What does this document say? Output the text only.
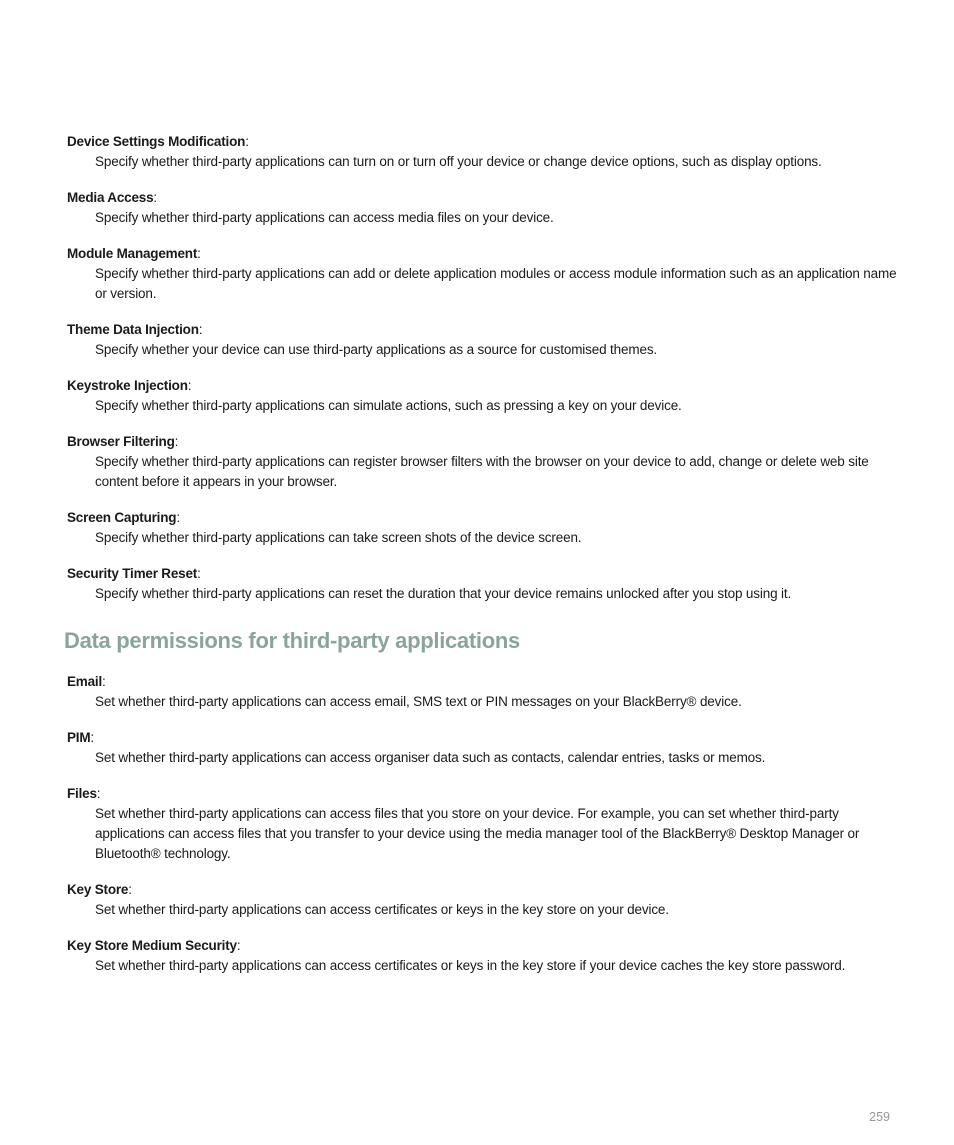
Device Settings Modification:
Specify whether third-party applications can turn on or turn off your device or change device options, such as display options.
Media Access:
Specify whether third-party applications can access media files on your device.
Module Management:
Specify whether third-party applications can add or delete application modules or access module information such as an application name or version.
Theme Data Injection:
Specify whether your device can use third-party applications as a source for customised themes.
Keystroke Injection:
Specify whether third-party applications can simulate actions, such as pressing a key on your device.
Browser Filtering:
Specify whether third-party applications can register browser filters with the browser on your device to add, change or delete web site content before it appears in your browser.
Screen Capturing:
Specify whether third-party applications can take screen shots of the device screen.
Security Timer Reset:
Specify whether third-party applications can reset the duration that your device remains unlocked after you stop using it.
Data permissions for third-party applications
Email:
Set whether third-party applications can access email, SMS text or PIN messages on your BlackBerry® device.
PIM:
Set whether third-party applications can access organiser data such as contacts, calendar entries, tasks or memos.
Files:
Set whether third-party applications can access files that you store on your device. For example, you can set whether third-party applications can access files that you transfer to your device using the media manager tool of the BlackBerry® Desktop Manager or Bluetooth® technology.
Key Store:
Set whether third-party applications can access certificates or keys in the key store on your device.
Key Store Medium Security:
Set whether third-party applications can access certificates or keys in the key store if your device caches the key store password.
259
